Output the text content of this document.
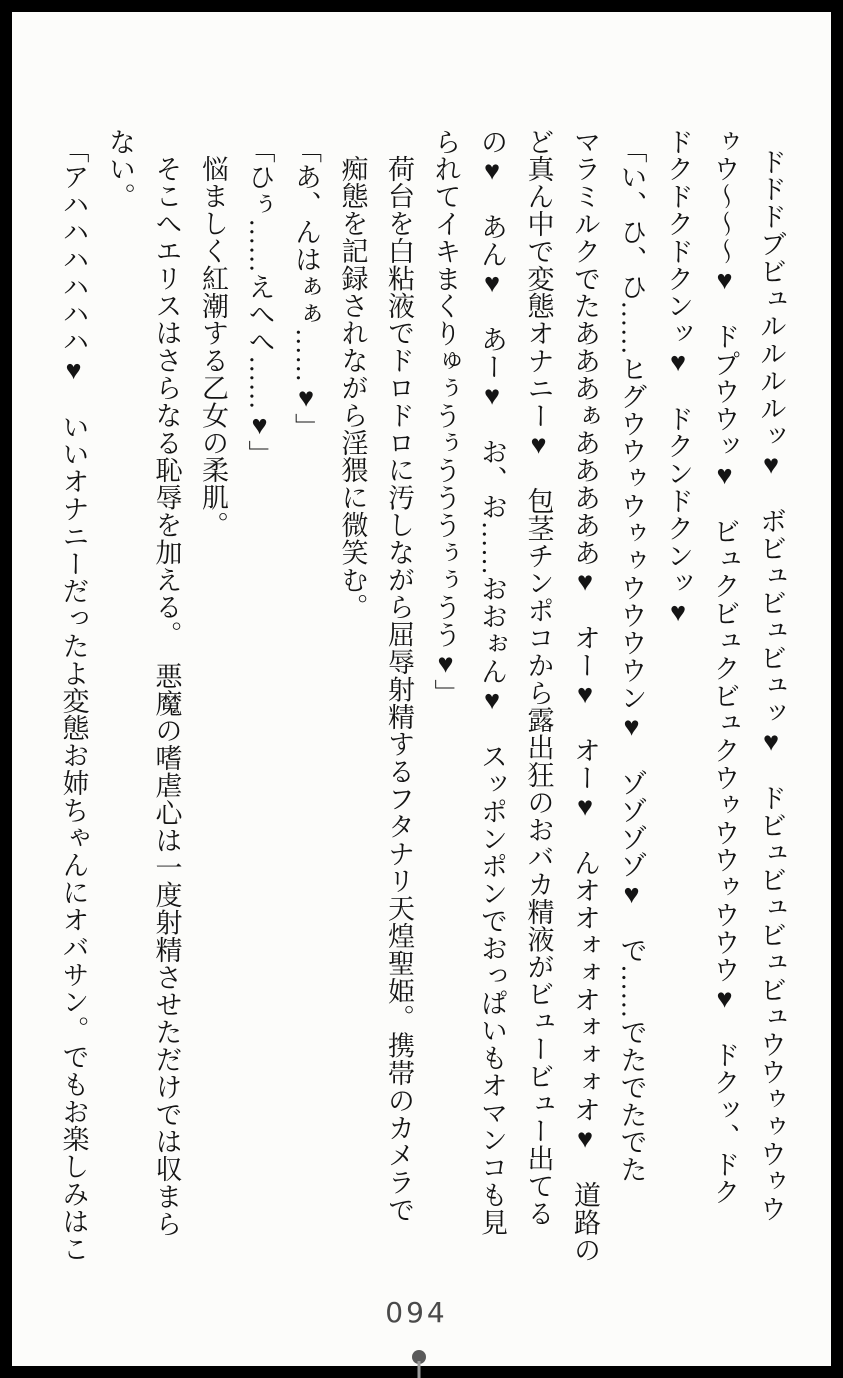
ドドドブビュルルルルッ♥　ボビュビュビュッ♥　ドビュビュビュビュウウゥゥウゥウ
ゥウ～～～♥　ドプウウッ♥　ビュクビュクビュクウゥウウゥウウウ♥　ドクッ、ドク
ドクドクドクンッ♥　ドクンドクンッ♥
「い、ひ、ひ……ヒグウウゥウゥゥウウウウン♥　ゾゾゾゾ♥　で……でたでたでた
マラミルクでたあああぁあああああ♥　オー♥　オー♥　んオオォォオォォォオ♥　道路の
ど真ん中で変態オナニー♥　包茎チンポコから露出狂のおバカ精液がビュービュー出てる
の♥　あん♥　あー♥　お、お……おおぉん♥　スッポンポンでおっぱいもオマンコも見
られてイキまくりゅぅうぅうううぅぅうう♥」
荷台を白粘液でドロドロに汚しながら屈辱射精するフタナリ天煌聖姫。携帯のカメラで
痴態を記録されながら淫猥に微笑む。
「あ、んはぁぁ……♥」
「ひぅ……えへへ……♥」
悩ましく紅潮する乙女の柔肌。
そこへエリスはさらなる恥辱を加える。　悪魔の嗜虐心は一度射精させただけでは収まら
ない。
「アハハハハハハ♥　いいオナニーだったよ変態お姉ちゃんにオバサン。でもお楽しみはこ
094
